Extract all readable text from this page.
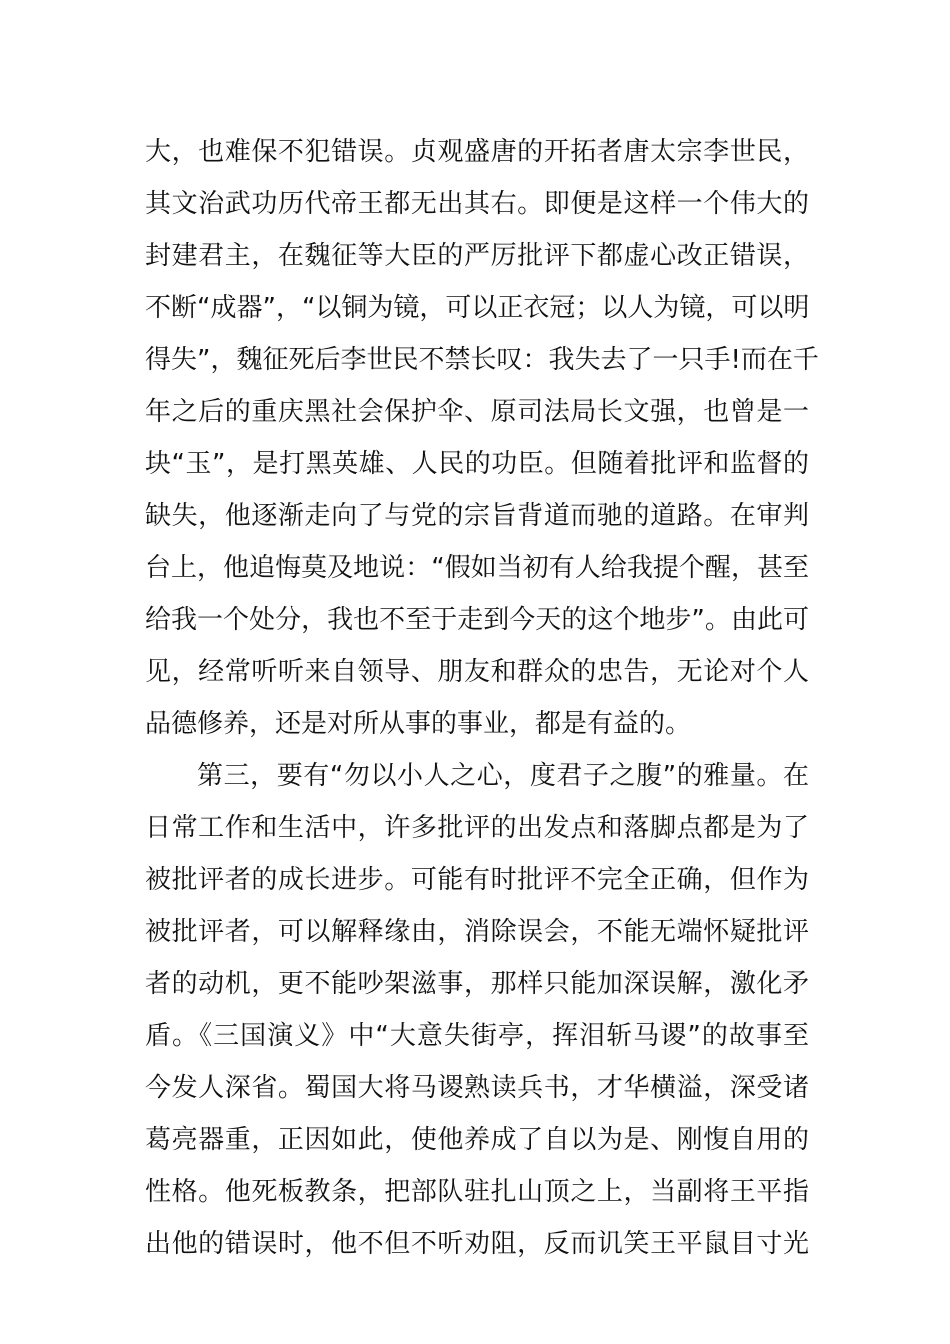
大，也难保不犯错误。贞观盛唐的开拓者唐太宗李世民，
其文治武功历代帝王都无出其右。即便是这样一个伟大的
封建君主，在魏征等大臣的严厉批评下都虚心改正错误，
不断“成器”，“以铜为镜，可以正衣冠；以人为镜，可以明
得失”，魏征死后李世民不禁长叹：我失去了一只手!而在千
年之后的重庆黑社会保护伞、原司法局长文强，也曾是一
块“玉”，是打黑英雄、人民的功臣。但随着批评和监督的
缺失，他逐渐走向了与党的宗旨背道而驰的道路。在审判
台上，他追悔莫及地说：“假如当初有人给我提个醒，甚至
给我一个处分，我也不至于走到今天的这个地步”。由此可
见，经常听听来自领导、朋友和群众的忠告，无论对个人
品德修养，还是对所从事的事业，都是有益的。
第三，要有“勿以小人之心，度君子之腹”的雅量。在
日常工作和生活中，许多批评的出发点和落脚点都是为了
被批评者的成长进步。可能有时批评不完全正确，但作为
被批评者，可以解释缘由，消除误会，不能无端怀疑批评
者的动机，更不能吵架滋事，那样只能加深误解，激化矛
盾。《三国演义》中“大意失街亭，挥泪斩马谡”的故事至
今发人深省。蜀国大将马谡熟读兵书，才华横溢，深受诸
葛亮器重，正因如此，使他养成了自以为是、刚愎自用的
性格。他死板教条，把部队驻扎山顶之上，当副将王平指
出他的错误时，他不但不听劝阻，反而讥笑王平鼠目寸光
